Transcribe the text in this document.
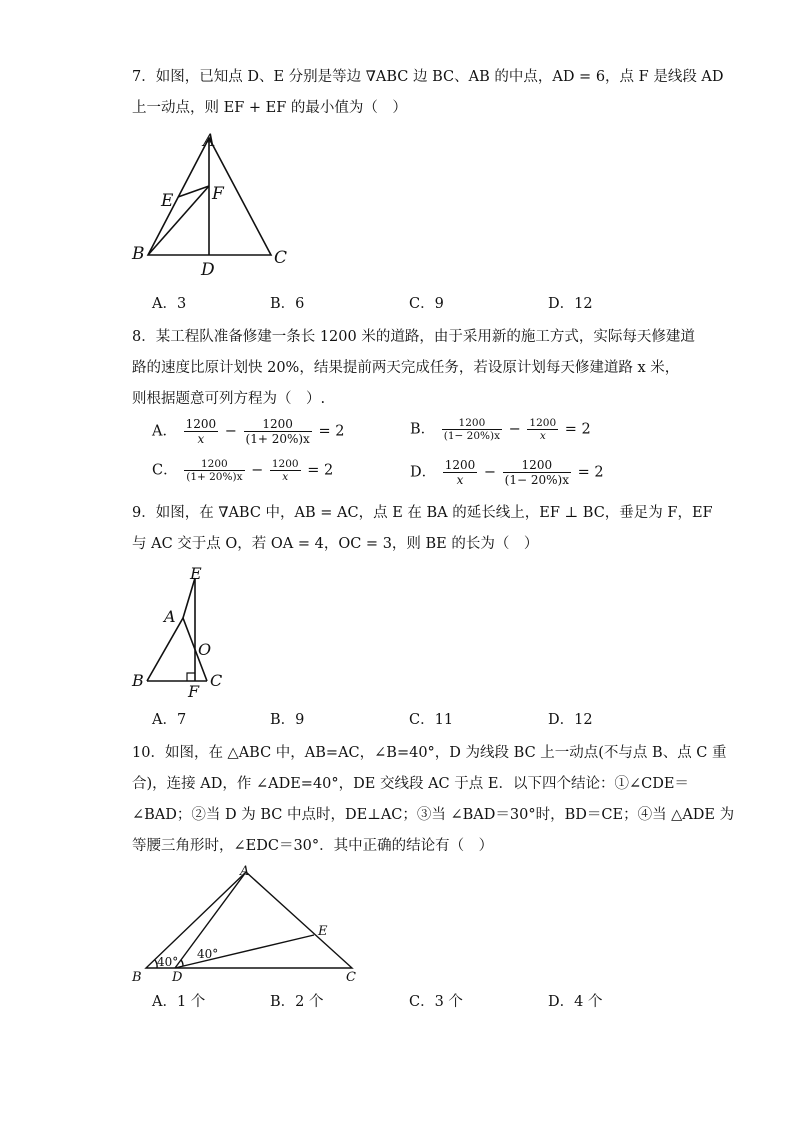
7．如图，已知点 D、E 分别是等边 ∇ABC 边 BC、AB 的中点，AD = 6，点 F 是线段 AD
上一动点，则 EF + EF 的最小值为（　）
A
E F
B	C
D
A．3	B．6	C．9	D．12
8．某工程队准备修建一条长 1200 米的道路，由于采用新的施工方式，实际每天修建道
路的速度比原计划快 20%，结果提前两天完成任务，若设原计划每天修建道路 x 米，
则根据题意可列方程为（　）.
A． $\frac{1200}{x} - \frac{1200}{(1+ 20\%)x} = 2$	B． $\frac{1200}{(1- 20\%)x} - \frac{1200}{x} = 2$
C． $\frac{1200}{(1+ 20\%)x} - \frac{1200}{x} = 2$	D． $\frac{1200}{x} - \frac{1200}{(1- 20\%)x} = 2$
9．如图，在 ∇ABC 中，AB = AC，点 E 在 BA 的延长线上，EF ⊥ BC，垂足为 F，EF
与 AC 交于点 O，若 OA = 4，OC = 3，则 BE 的长为（　）
E
A
O
B	C
F
A．7	B．9	C．11	D．12
10．如图，在 △ABC 中，AB=AC，∠B=40°，D 为线段 BC 上一动点(不与点 B、点 C 重
合)，连接 AD，作 ∠ADE=40°，DE 交线段 AC 于点 E．以下四个结论：①∠CDE＝
∠BAD；②当 D 为 BC 中点时，DE⊥AC；③当 ∠BAD＝30°时，BD＝CE；④当 △ADE 为
等腰三角形时，∠EDC＝30°．其中正确的结论有（　）
A
E
B D	C
40°
40°
A．1 个	B．2 个	C．3 个	D．4 个
